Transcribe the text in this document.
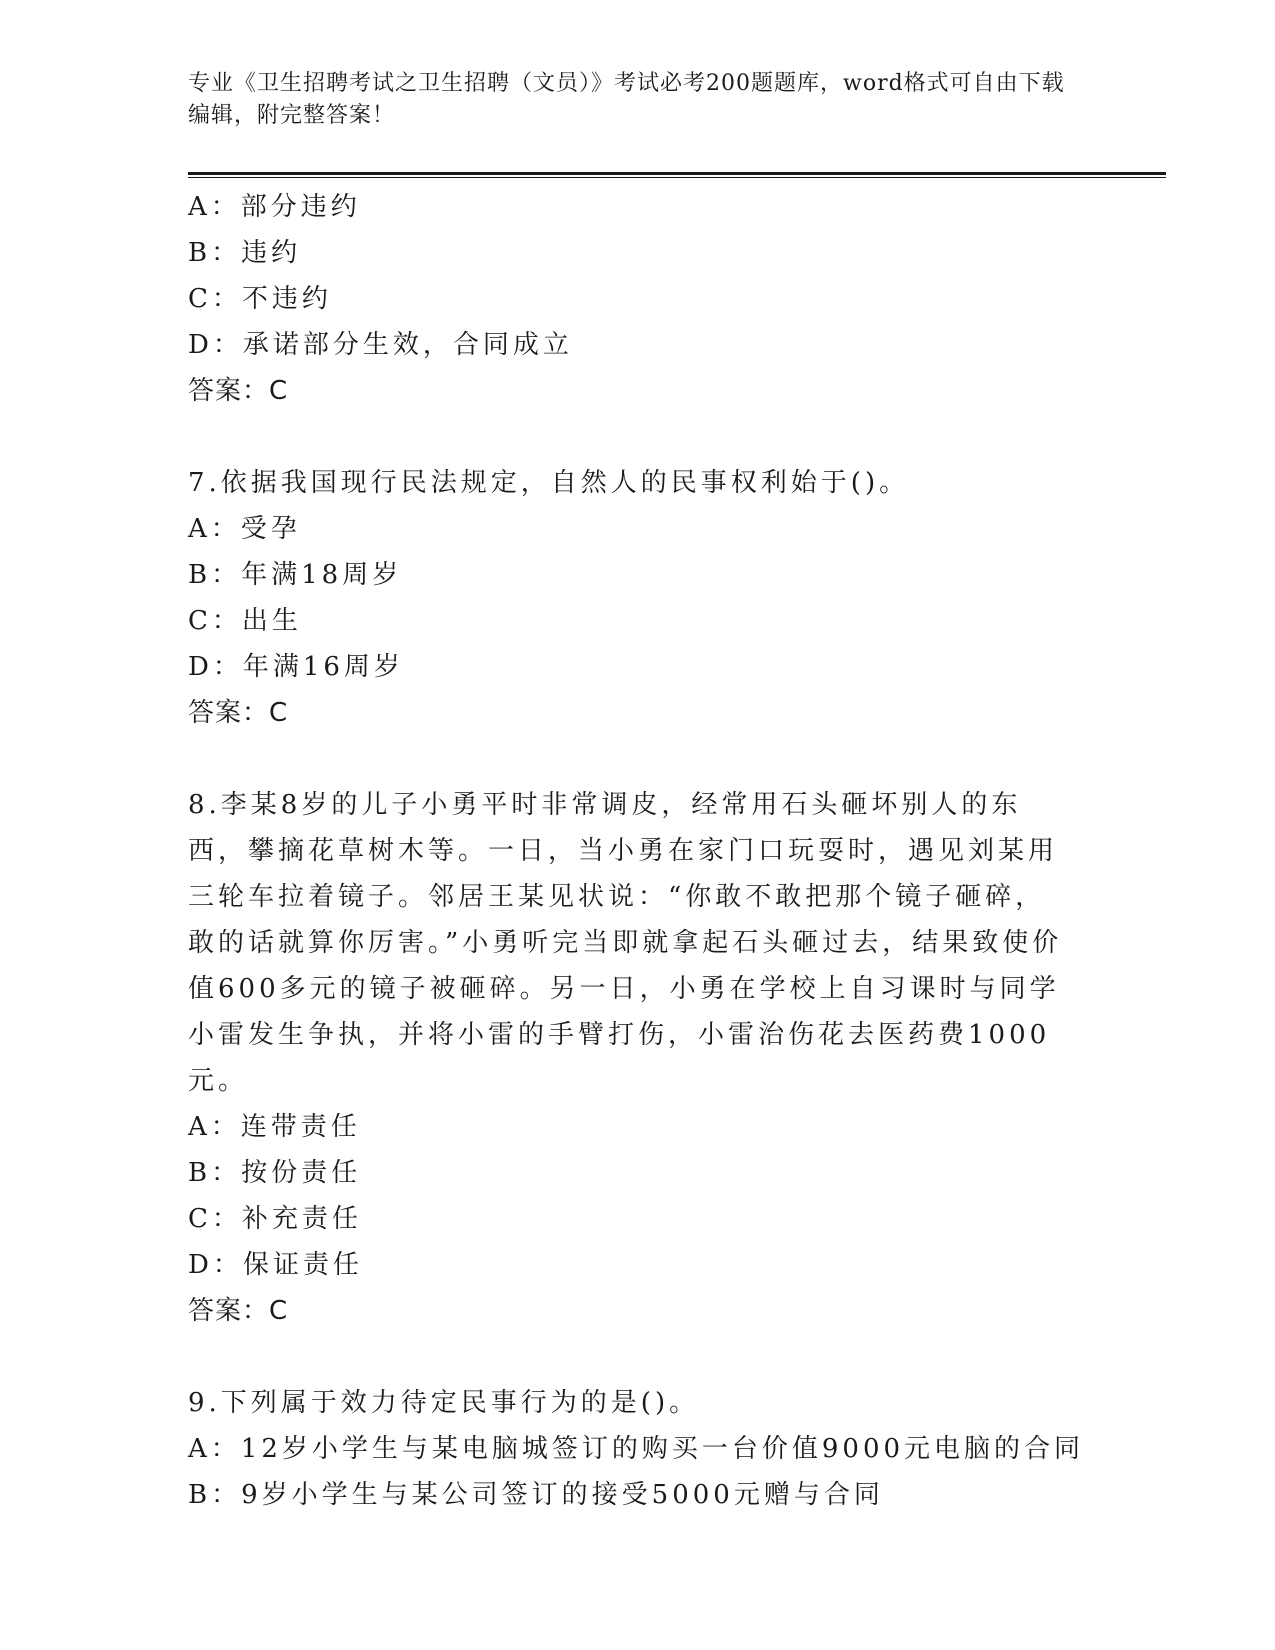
专业《卫生招聘考试之卫生招聘（文员）》考试必考200题题库，word格式可自由下载编辑，附完整答案！

A：部分违约

B：违约

C：不违约

D：承诺部分生效，合同成立

答案：C

7.依据我国现行民法规定，自然人的民事权利始于()。

A：受孕

B：年满18周岁

C：出生

D：年满16周岁

答案：C

8.李某8岁的儿子小勇平时非常调皮，经常用石头砸坏别人的东西，攀摘花草树木等。一日，当小勇在家门口玩耍时，遇见刘某用三轮车拉着镜子。邻居王某见状说：“你敢不敢把那个镜子砸碎，敢的话就算你厉害。”小勇听完当即就拿起石头砸过去，结果致使价值600多元的镜子被砸碎。另一日，小勇在学校上自习课时与同学小雷发生争执，并将小雷的手臂打伤，小雷治伤花去医药费1000元。

A：连带责任

B：按份责任

C：补充责任

D：保证责任

答案：C

9.下列属于效力待定民事行为的是()。

A：12岁小学生与某电脑城签订的购买一台价值9000元电脑的合同

B：9岁小学生与某公司签订的接受5000元赠与合同
